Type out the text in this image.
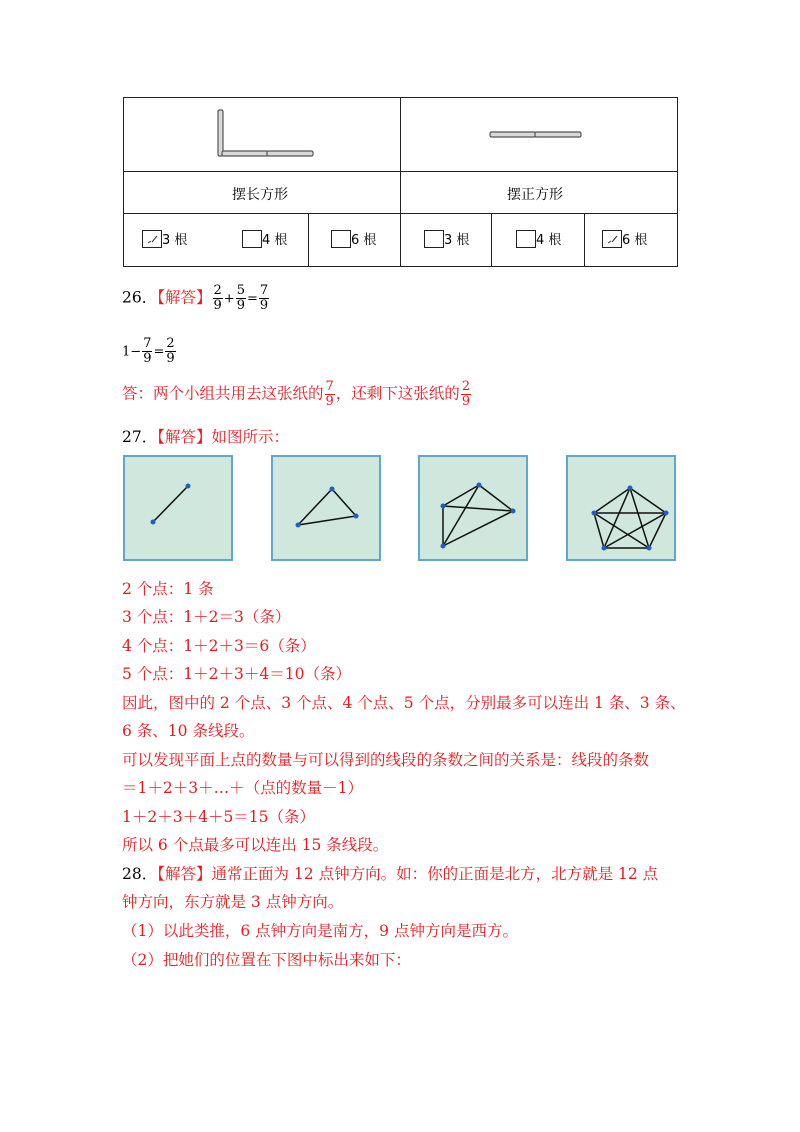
摆长方形	摆正方形
3 根	4 根	6 根	3 根	4 根	6 根
26．【解答】 $\frac{2}{9} + \frac{5}{9} = \frac{7}{9}$
$1- \frac{7}{9} = \frac{2}{9}$
答：两个小组共用去这张纸的 $\frac{7}{9}$ ，还剩下这张纸的 $\frac{2}{9}$
27．【解答】如图所示：
2 个点：1 条
3 个点：1＋2＝3（条）
4 个点：1＋2＋3＝6（条）
5 个点：1＋2＋3＋4＝10（条）
因此，图中的 2 个点、3 个点、4 个点、5 个点，分别最多可以连出 1 条、3 条、
6 条、10 条线段。
可以发现平面上点的数量与可以得到的线段的条数之间的关系是：线段的条数
＝1＋2＋3＋…＋（点的数量－1）
1＋2＋3＋4＋5＝15（条）
所以 6 个点最多可以连出 15 条线段。
28．【解答】通常正面为 12 点钟方向。如：你的正面是北方，北方就是 12 点
钟方向，东方就是 3 点钟方向。
（1）以此类推，6 点钟方向是南方，9 点钟方向是西方。
（2）把她们的位置在下图中标出来如下：
